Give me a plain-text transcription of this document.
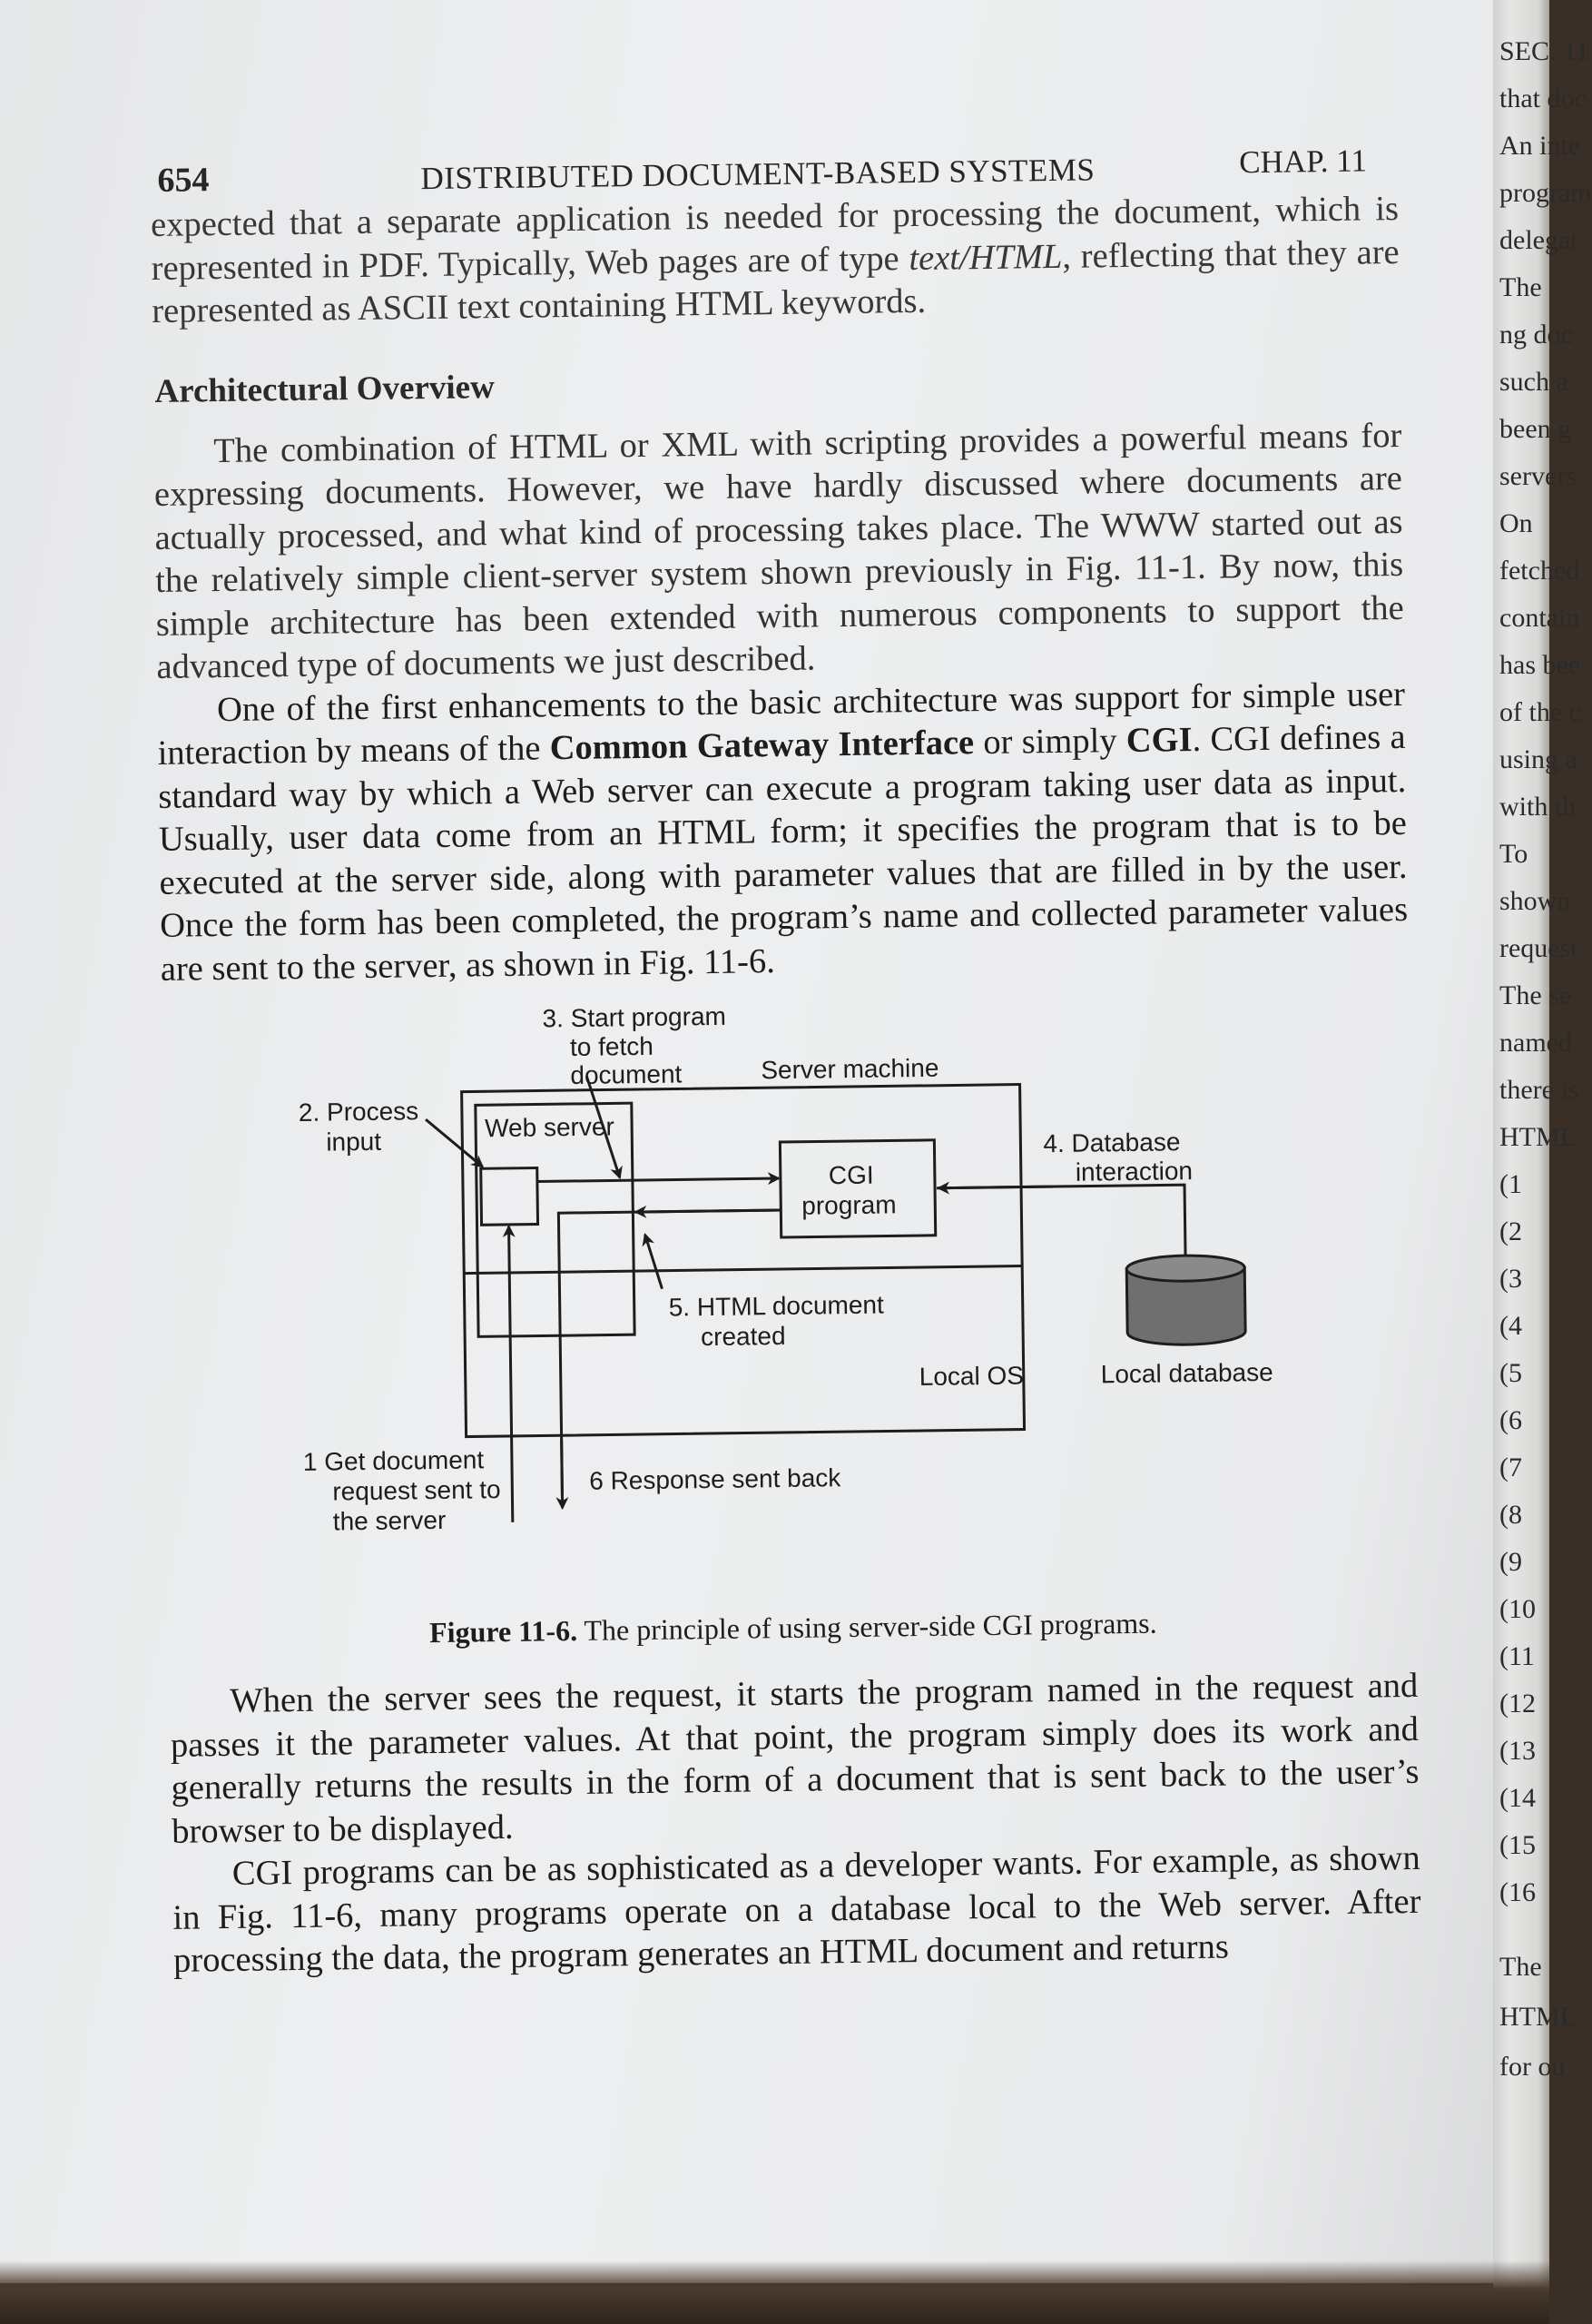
SEC. 11
that doc
An inte
program
delegat
The
ng doc
such a
been g
servers
On
fetched
contain
has bee
of the c
using a
with th
To
shown
request
The se
named
there is
HTML
(1
(2
(3
(4
(5
(6
(7
(8
(9
(10
(11
(12
(13
(14
(15
(16
The
HTML
for ou
654	DISTRIBUTED DOCUMENT-BASED SYSTEMS	CHAP. 11

expected that a separate application is needed for processing the document, which is represented in PDF. Typically, Web pages are of type text/HTML, reflecting that they are represented as ASCII text containing HTML keywords.

Architectural Overview

The combination of HTML or XML with scripting provides a powerful means for expressing documents. However, we have hardly discussed where documents are actually processed, and what kind of processing takes place. The WWW started out as the relatively simple client-server system shown previously in Fig. 11-1. By now, this simple architecture has been extended with numerous components to support the advanced type of documents we just described.

One of the first enhancements to the basic architecture was support for simple user interaction by means of the Common Gateway Interface or simply CGI. CGI defines a standard way by which a Web server can execute a program taking user data as input. Usually, user data come from an HTML form; it specifies the program that is to be executed at the server side, along with parameter values that are filled in by the user. Once the form has been completed, the program’s name and collected parameter values are sent to the server, as shown in Fig. 11-6.

3. Start program
to fetch
document	Server machine
2. Process
input	Web server
CGI
program
4. Database
interaction
5. HTML document
created
Local OS	Local database
1 Get document
request sent to
the server
6 Response sent back
Figure 11-6. The principle of using server-side CGI programs.

When the server sees the request, it starts the program named in the request and passes it the parameter values. At that point, the program simply does its work and generally returns the results in the form of a document that is sent back to the user’s browser to be displayed.

CGI programs can be as sophisticated as a developer wants. For example, as shown in Fig. 11-6, many programs operate on a database local to the Web server. After processing the data, the program generates an HTML document and returns
